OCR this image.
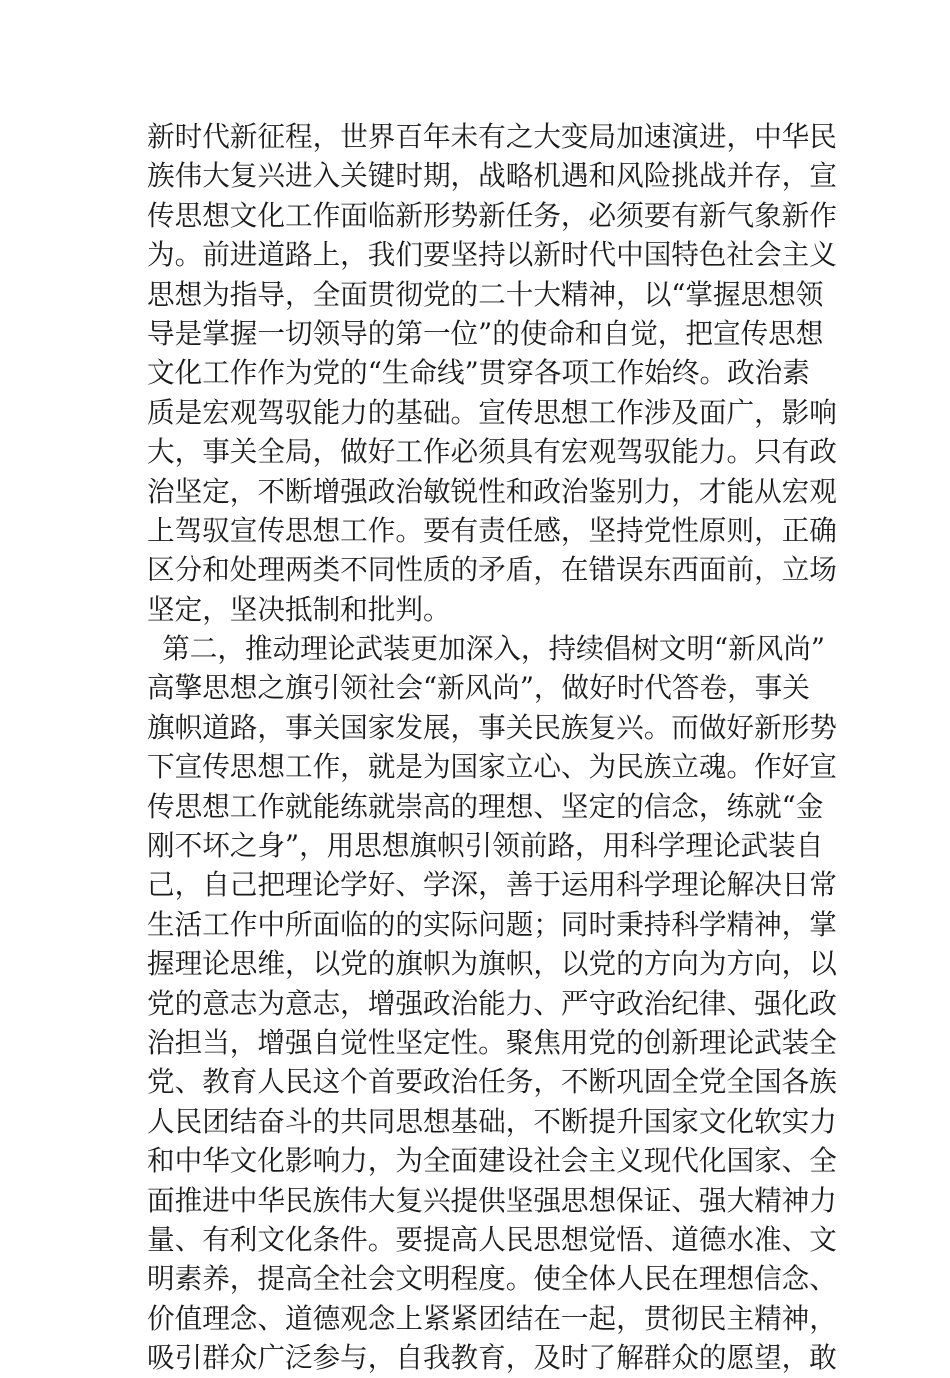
新时代新征程，世界百年未有之大变局加速演进，中华民
族伟大复兴进入关键时期，战略机遇和风险挑战并存，宣
传思想文化工作面临新形势新任务，必须要有新气象新作
为。前进道路上，我们要坚持以新时代中国特色社会主义
思想为指导，全面贯彻党的二十大精神，以“掌握思想领
导是掌握一切领导的第一位”的使命和自觉，把宣传思想
文化工作作为党的“生命线”贯穿各项工作始终。政治素
质是宏观驾驭能力的基础。宣传思想工作涉及面广，影响
大，事关全局，做好工作必须具有宏观驾驭能力。只有政
治坚定，不断增强政治敏锐性和政治鉴别力，才能从宏观
上驾驭宣传思想工作。要有责任感，坚持党性原则，正确
区分和处理两类不同性质的矛盾，在错误东西面前，立场
坚定，坚决抵制和批判。
第二，推动理论武装更加深入，持续倡树文明“新风尚”
高擎思想之旗引领社会“新风尚”，做好时代答卷，事关
旗帜道路，事关国家发展，事关民族复兴。而做好新形势
下宣传思想工作，就是为国家立心、为民族立魂。作好宣
传思想工作就能练就崇高的理想、坚定的信念，练就“金
刚不坏之身”，用思想旗帜引领前路，用科学理论武装自
己，自己把理论学好、学深，善于运用科学理论解决日常
生活工作中所面临的的实际问题；同时秉持科学精神，掌
握理论思维，以党的旗帜为旗帜，以党的方向为方向，以
党的意志为意志，增强政治能力、严守政治纪律、强化政
治担当，增强自觉性坚定性。聚焦用党的创新理论武装全
党、教育人民这个首要政治任务，不断巩固全党全国各族
人民团结奋斗的共同思想基础，不断提升国家文化软实力
和中华文化影响力，为全面建设社会主义现代化国家、全
面推进中华民族伟大复兴提供坚强思想保证、强大精神力
量、有利文化条件。要提高人民思想觉悟、道德水准、文
明素养，提高全社会文明程度。使全体人民在理想信念、
价值理念、道德观念上紧紧团结在一起，贯彻民主精神，
吸引群众广泛参与，自我教育，及时了解群众的愿望，敢
